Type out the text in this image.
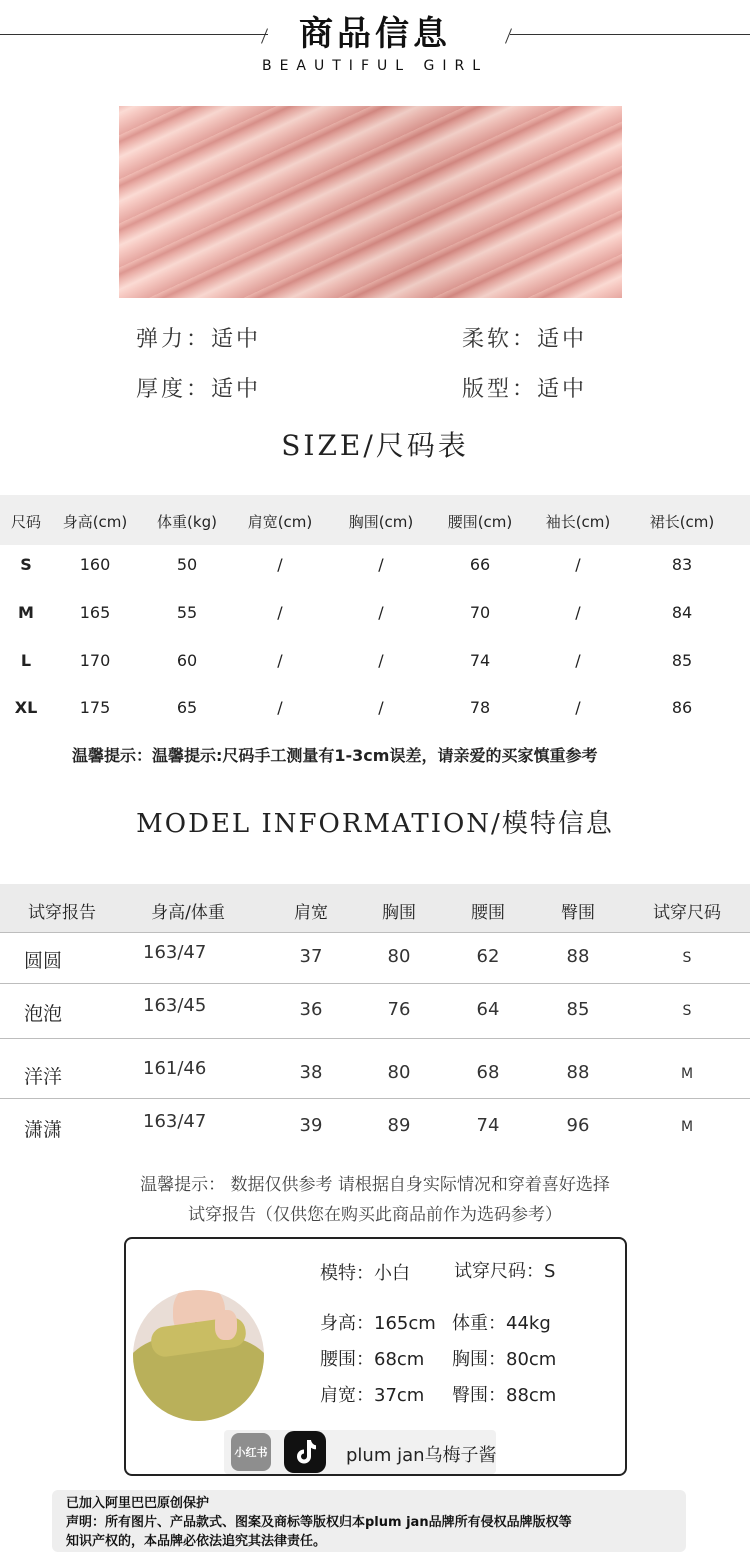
商品信息
BEAUTIFUL GIRL
弹力：适中	柔软：适中
厚度：适中	版型：适中
SIZE/尺码表
尺码	身高(cm)	体重(kg)	肩宽(cm)	胸围(cm)	腰围(cm)	袖长(cm)	裙长(cm)
S	160	50	/	/	66	/	83
M	165	55	/	/	70	/	84
L	170	60	/	/	74	/	85
XL	175	65	/	/	78	/	86
温馨提示：温馨提示:尺码手工测量有1-3cm误差，请亲爱的买家慎重参考
MODEL INFORMATION/模特信息
试穿报告	身高/体重	肩宽	胸围	腰围	臀围	试穿尺码
圆圆	163/47	37	80	62	88	S
泡泡	163/45	36	76	64	85	S
洋洋	161/46	38	80	68	88	M
潇潇	163/47	39	89	74	96	M
温馨提示： 数据仅供参考 请根据自身实际情况和穿着喜好选择
试穿报告（仅供您在购买此商品前作为选码参考）
模特：小白 试穿尺码：S
身高：165cm 体重：44kg
腰围：68cm 胸围：80cm
肩宽：37cm 臀围：88cm
小红书	plum jan乌梅子酱
已加入阿里巴巴原创保护
声明：所有图片、产品款式、图案及商标等版权归本plum jan品牌所有侵权品牌版权等
知识产权的，本品牌必依法追究其法律责任。
